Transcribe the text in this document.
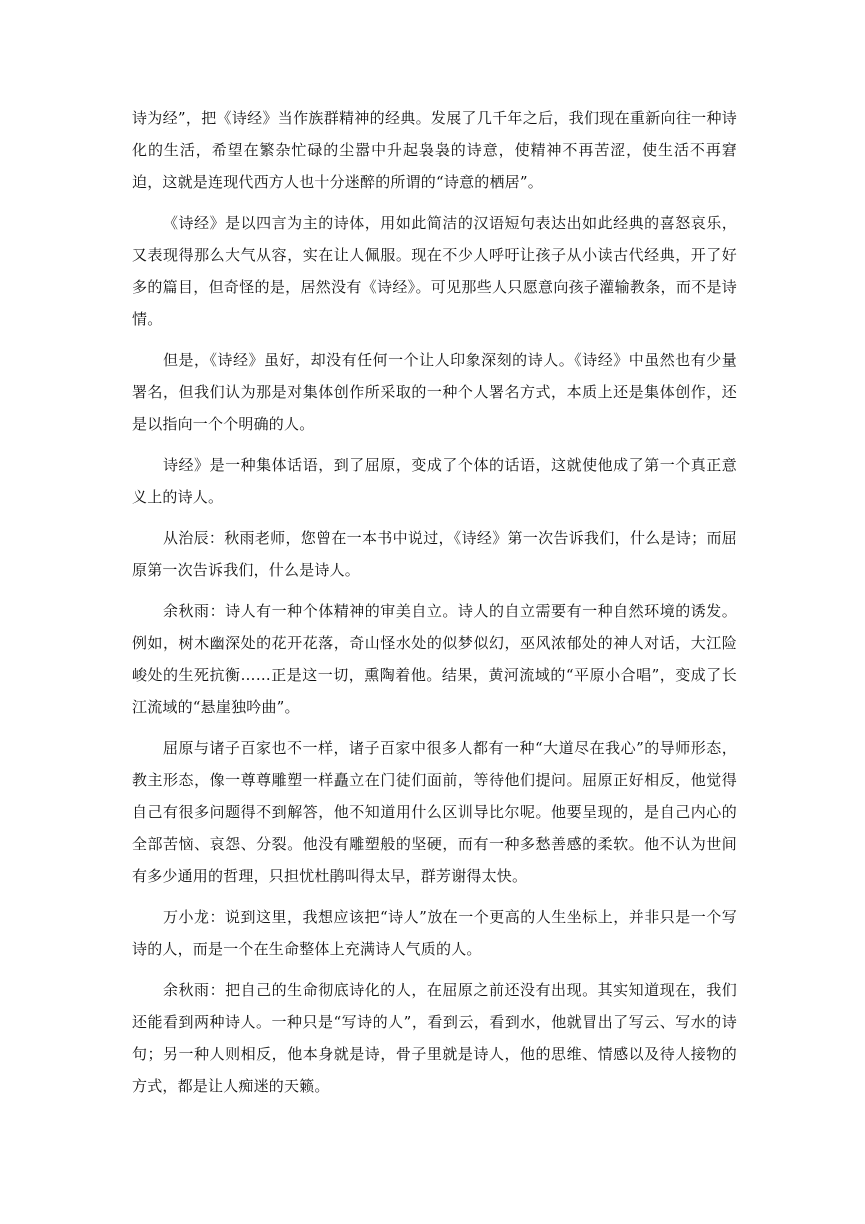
诗为经”，把《诗经》当作族群精神的经典。发展了几千年之后，我们现在重新向往一种诗化的生活，希望在繁杂忙碌的尘嚣中升起袅袅的诗意，使精神不再苦涩，使生活不再窘迫，这就是连现代西方人也十分迷醉的所谓的“诗意的栖居”。

《诗经》是以四言为主的诗体，用如此简洁的汉语短句表达出如此经典的喜怒哀乐，又表现得那么大气从容，实在让人佩服。现在不少人呼吁让孩子从小读古代经典，开了好多的篇目，但奇怪的是，居然没有《诗经》。可见那些人只愿意向孩子灌输教条，而不是诗情。

但是，《诗经》虽好，却没有任何一个让人印象深刻的诗人。《诗经》中虽然也有少量署名，但我们认为那是对集体创作所采取的一种个人署名方式，本质上还是集体创作，还是以指向一个个明确的人。

诗经》是一种集体话语，到了屈原，变成了个体的话语，这就使他成了第一个真正意义上的诗人。

从治辰：秋雨老师，您曾在一本书中说过，《诗经》第一次告诉我们，什么是诗；而屈原第一次告诉我们，什么是诗人。

余秋雨：诗人有一种个体精神的审美自立。诗人的自立需要有一种自然环境的诱发。例如，树木幽深处的花开花落，奇山怪水处的似梦似幻，巫风浓郁处的神人对话，大江险峻处的生死抗衡……正是这一切，熏陶着他。结果，黄河流域的“平原小合唱”，变成了长江流域的“悬崖独吟曲”。

屈原与诸子百家也不一样，诸子百家中很多人都有一种“大道尽在我心”的导师形态，教主形态，像一尊尊雕塑一样矗立在门徒们面前，等待他们提问。屈原正好相反，他觉得自己有很多问题得不到解答，他不知道用什么区训导比尔呢。他要呈现的，是自己内心的全部苦恼、哀怨、分裂。他没有雕塑般的坚硬，而有一种多愁善感的柔软。他不认为世间有多少通用的哲理，只担忧杜鹃叫得太早，群芳谢得太快。

万小龙：说到这里，我想应该把“诗人”放在一个更高的人生坐标上，并非只是一个写诗的人，而是一个在生命整体上充满诗人气质的人。

余秋雨：把自己的生命彻底诗化的人，在屈原之前还没有出现。其实知道现在，我们还能看到两种诗人。一种只是“写诗的人”，看到云，看到水，他就冒出了写云、写水的诗句；另一种人则相反，他本身就是诗，骨子里就是诗人，他的思维、情感以及待人接物的方式，都是让人痴迷的天籁。
